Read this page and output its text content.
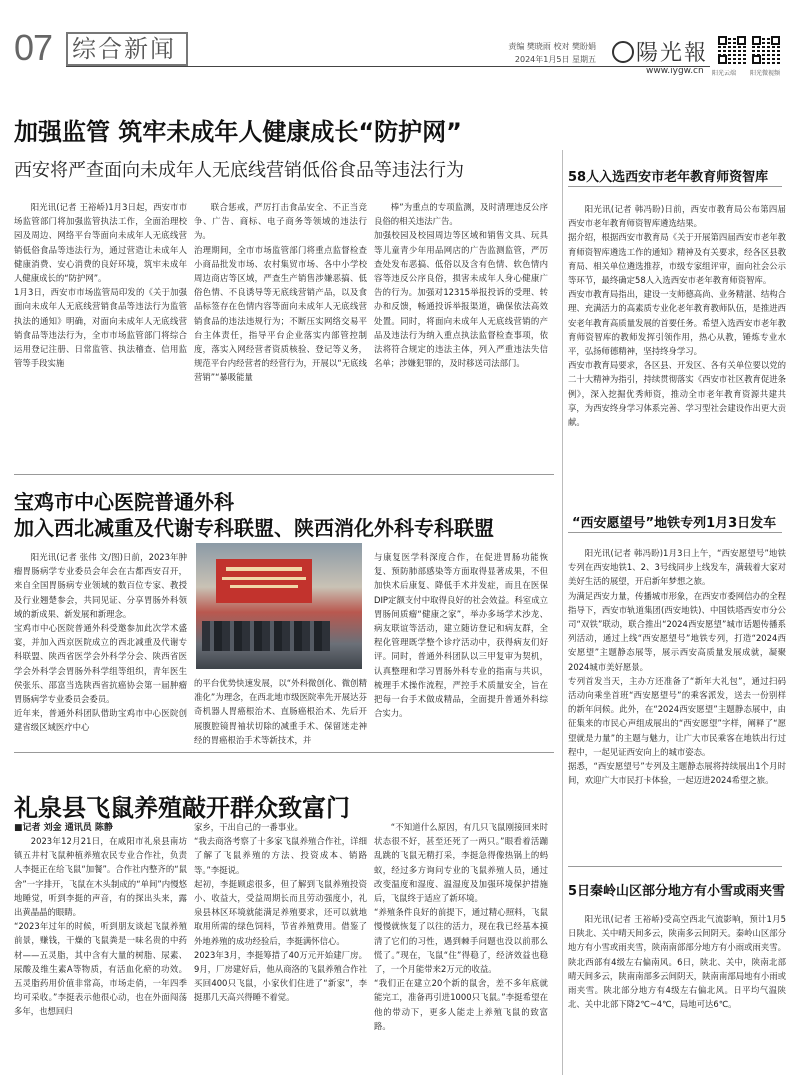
07 综合新闻	责编 樊晓雨 校对 樊盼娟
2024年1月5日 星期五	陽光報
www.iygw.cn 阳光云端 阳光微视频
加强监管 筑牢未成年人健康成长“防护网”
西安将严查面向未成年人无底线营销低俗食品等违法行为
阳光讯(记者 王裕峤)1月3日起，西安市市场监管部门将加强监管执法工作，全面治理校园及周边、网络平台等面向未成年人无底线营销低俗食品等违法行为，通过营造让未成年人健康消费、安心消费的良好环境，筑牢未成年人健康成长的“防护网”。
1月3日，西安市市场监管局印发的《关于加强面向未成年人无底线营销食品等违法行为监管执法的通知》明确，对面向未成年人无底线营销食品等违法行为，全市市场监管部门将综合运用登记注册、日常监管、执法稽查、信用监管等手段实施
联合惩戒，严厉打击食品安全、不正当竞争、广告、商标、电子商务等领域的违法行为。
治理期间，全市市场监管部门将重点监督检查小商品批发市场、农村集贸市场、各中小学校周边商店等区域，严查生产销售涉嫌恶搞、低俗色情、不良诱导等无底线营销产品，以及食品标签存在色情内容等面向未成年人无底线营销食品的违法违规行为；不断压实网络交易平台主体责任，指导平台企业落实内部管控制度，落实入网经营者资质核验、登记等义务，规范平台内经营者的经营行为，开展以“无底线营销”“暴吸能量
棒”为重点的专项监测，及时清理违反公序良俗的相关违法广告。
加强校园及校园周边等区域和销售文具、玩具等儿童青少年用品网店的广告监测监管，严厉查处发布恶搞、低俗以及含有色情、软色情内容等违反公序良俗，损害未成年人身心健康广告的行为。加强对12315举报投诉的受理、转办和反馈，畅通投诉举报渠道，确保依法高效处置。同时，将面向未成年人无底线营销的产品及违法行为纳入重点执法监督检查事项，依法将符合规定的违法主体，列入严重违法失信名单；涉嫌犯罪的，及时移送司法部门。
宝鸡市中心医院普通外科
加入西北减重及代谢专科联盟、陕西消化外科专科联盟
阳光讯(记者 张伟 文/图)日前，2023年肿瘤胃肠病学专业委员会年会在古都西安召开，来自全国胃肠病专业领域的数百位专家、教授及行业翘楚参会，共同见证、分享胃肠外科领域的新成果、新发展和新理念。
宝鸡市中心医院普通外科受邀参加此次学术盛宴，并加入西京医院成立的西北减重及代谢专科联盟、陕西省医学会外科学分会、陕西省医学会外科学会胃肠外科学组等组织，青年医生侯张乐、邵富当选陕西省抗癌协会第一届肿瘤胃肠病学专业委员会委员。
近年来，普通外科团队借助宝鸡市中心医院创建省级区域医疗中心
的平台优势快速发展，以“外科微创化、微创精准化”为理念，在西北地市级医院率先开展达芬奇机器人胃癌根治术、直肠癌根治术、先后开展腹腔镜胃袖状切除的减重手术、保留迷走神经的胃癌根治手术等新技术，并
与康复医学科深度合作，在促进胃肠功能恢复、预防肺部感染等方面取得显著成果，不但加快术后康复、降低手术并发症，而且在医保DIP定额支付中取得良好的社会效益。科室成立胃肠间质瘤“健康之家”，举办多场学术沙龙、病友联谊等活动，建立随访登记和病友群，全程化管理既学整个诊疗活动中，获得病友们好评。同时，普通外科团队以三甲复审为契机，认真整理和学习胃肠外科专业的指南与共识，梳理手术操作流程，严控手术质量安全，旨在把每一台手术做成精品，全面提升普通外科综合实力。
礼泉县飞鼠养殖敲开群众致富门
■记者 刘金 通讯员 陈静
2023年12月21日，在咸阳市礼泉县南坊镇五井村飞鼠种植养殖农民专业合作社，负责人李挺正在给飞鼠“加餐”。合作社内整齐的“鼠舍”一字排开，飞鼠在木头制成的“单间”内慢悠地睡觉，听到李挺的声音，有的探出头来，露出黄晶晶的眼睛。
“2023年过年的时候，听到朋友谈起飞鼠养殖前景，赚钱，干燥的飞鼠粪是一味名贵的中药材——五灵脂，其中含有大量的树脂、尿素、尿酸及维生素A等物质，有活血化瘀的功效。五灵脂药用价值非常高，市场走俏，一年四季均可采收。”李挺表示他很心动，也在外面闯荡多年，也想回归
家乡，干出自己的一番事业。
“我去商洛考察了十多家飞鼠养殖合作社，详细了解了飞鼠养殖的方法、投资成本、销路等。”李挺说。
起初，李挺顾虑很多，但了解到飞鼠养殖投资小、收益大，受益周期长而且劳动强度小，礼泉县林区环境就能满足养殖要求，还可以就地取用所需的绿色饲料，节省养殖费用。借鉴了外地养殖的成功经验后，李挺满怀信心。
2023年3月，李挺筹措了40万元开始建厂房。9月，厂房建好后，他从商洛的飞鼠养殖合作社买回400只飞鼠，小家伙们住进了“新家”，李挺那几天高兴得睡不着觉。
“不知道什么原因，有几只飞鼠刚接回来时状态很不好，甚至还死了一两只。”眼看着活蹦乱跳的飞鼠无精打采，李挺急得像热锅上的蚂蚁，经过多方询问专业的飞鼠养殖人员，通过改变温度和湿度、温湿度及加强环境保护措施后，飞鼠终于适应了新环境。
“养殖条件良好的前提下，通过精心照料，飞鼠慢慢就恢复了以往的活力，现在我已经基本摸清了它们的习性，遇到棘手问题也没以前那么慌了。”现在，飞鼠“住”得稳了，经济效益也稳了，一个月能带来2万元的收益。
“我们正在建立20个新的鼠舍，差不多年底就能完工，准备再引进1000只飞鼠。”李挺希望在他的带动下，更多人能走上养殖飞鼠的致富路。
58人入选西安市老年教育师资智库
阳光讯(记者 韩冯盼)日前，西安市教育局公布第四届西安市老年教育师资智库遴选结果。
据介绍，根据西安市教育局《关于开展第四届西安市老年教育师资智库遴选工作的通知》精神及有关要求，经各区县教育局、相关单位遴选推荐，市级专家组评审，面向社会公示等环节，最终确定58人入选西安市老年教育师资智库。
西安市教育局指出，建设一支师德高尚、业务精湛、结构合理、充满活力的高素质专业化老年教育教师队伍，是推进西安老年教育高质量发展的首要任务。希望入选西安市老年教育师资智库的教师发挥引领作用，热心从教，锤炼专业水平，弘扬师德精神，坚持终身学习。
西安市教育局要求，各区县、开发区、各有关单位要以党的二十大精神为指引，持续贯彻落实《西安市社区教育促进条例》，深入挖掘优秀师资，推动全市老年教育资源共建共享，为西安终身学习体系完善、学习型社会建设作出更大贡献。
“西安愿望号”地铁专列1月3日发车
阳光讯(记者 韩冯盼)1月3日上午，“西安愿望号”地铁专列在西安地铁1、2、3号线同步上线发车，满载着大家对美好生活的展望，开启新年梦想之旅。
为满足西安力量，传播城市形象，在西安市委网信办的全程指导下，西安市轨道集团(西安地铁)、中国铁塔西安市分公司“双铁”联动，联合推出“2024西安愿望”城市话题传播系列活动，通过上线“西安愿望号”地铁专列，打造“2024西安愿望”主题静态展等，展示西安高质量发展成就，凝聚2024城市美好愿景。
专列首发当天，主办方还准备了“新年大礼包”，通过扫码活动向乘坐首班“西安愿望号”的乘客派发，送去一份别样的新年问候。此外，在“2024西安愿望”主题静态展中，由征集来的市民心声组成展出的“西安愿望”字样，阐释了“愿望就是力量”的主题与魅力，让广大市民乘客在地铁出行过程中，一起见证西安向上的城市姿态。
据悉，“西安愿望号”专列及主题静态展将持续展出1个月时间，欢迎广大市民打卡体验，一起迈进2024希望之旅。
5日秦岭山区部分地方有小雪或雨夹雪
阳光讯(记者 王裕峤)受高空西北气流影响，预计1月5日陕北、关中晴天间多云，陕南多云间阴天。秦岭山区部分地方有小雪或雨夹雪，陕南南部部分地方有小雨或雨夹雪。陕北西部有4级左右偏南风。6日，陕北、关中，陕南北部晴天间多云，陕南南部多云间阴天，陕南南部局地有小雨或雨夹雪。陕北部分地方有4级左右偏北风。日平均气温陕北、关中北部下降2℃~4℃，局地可达6℃。
